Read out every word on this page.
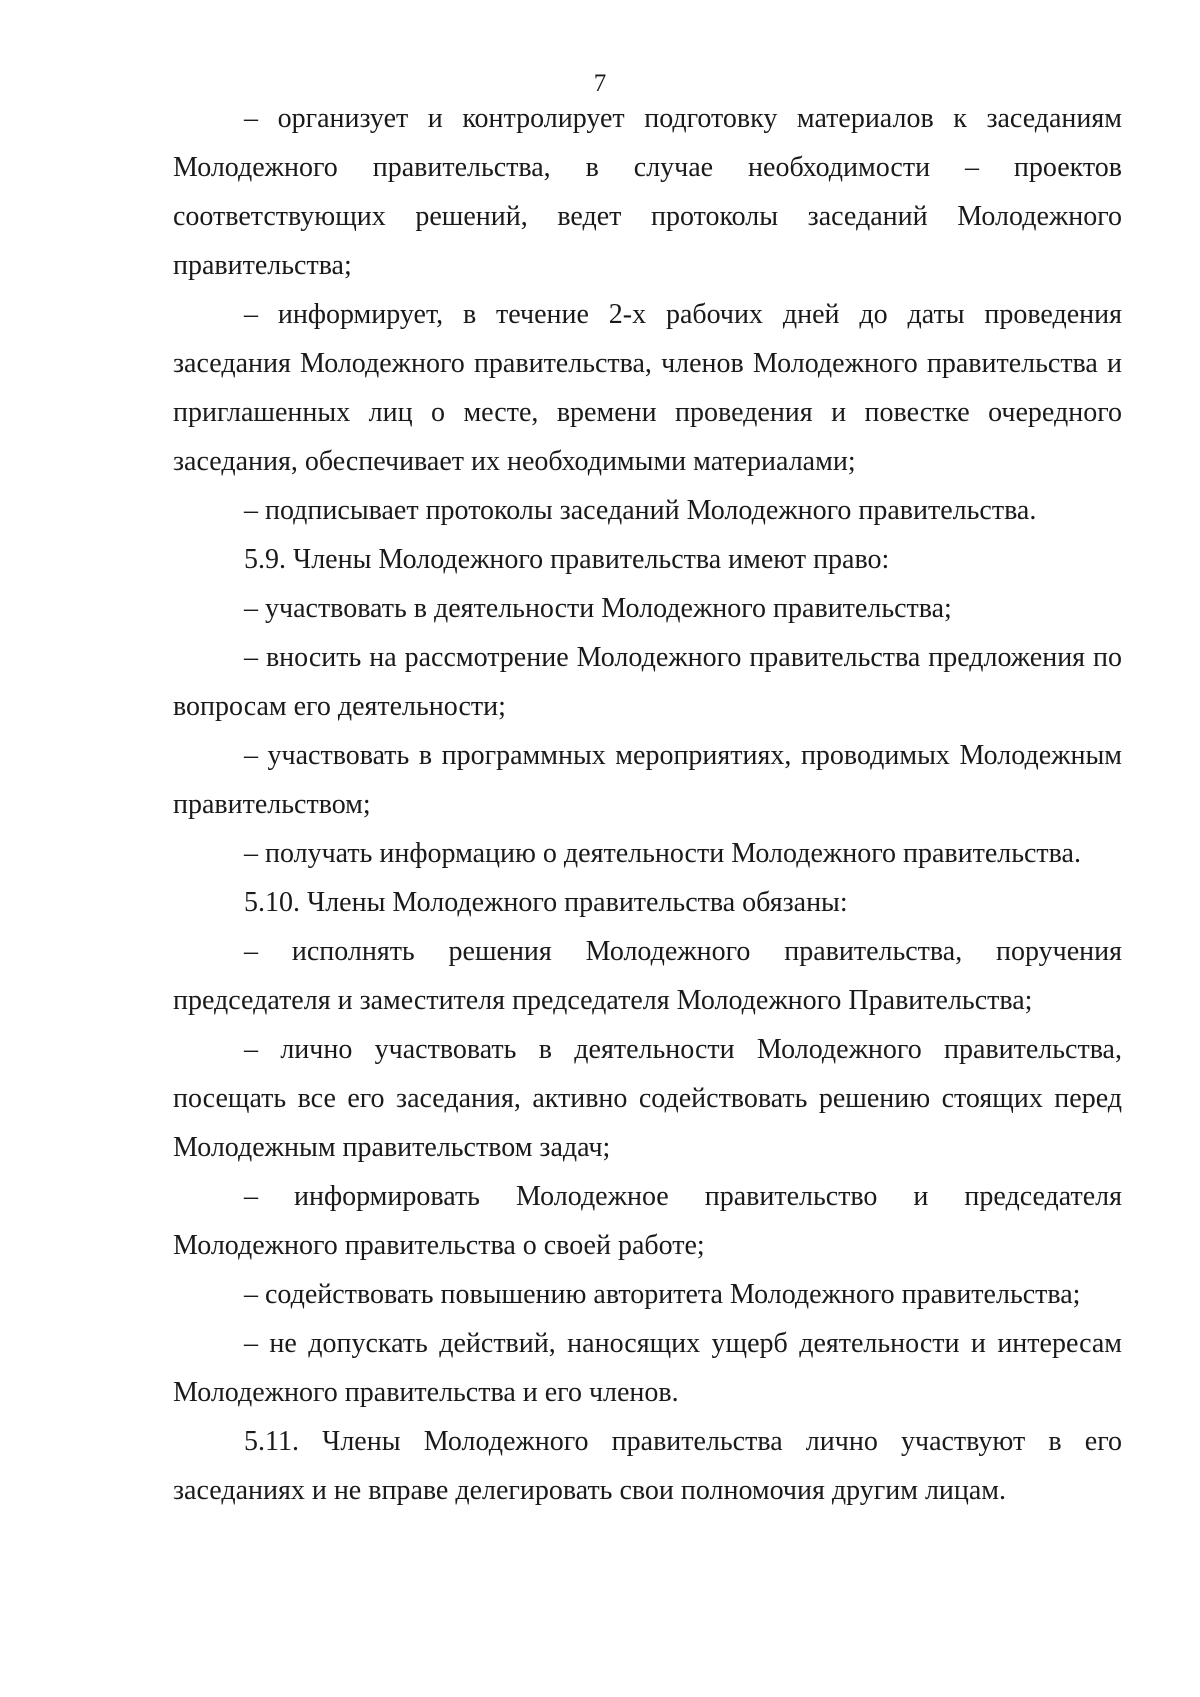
7

– организует и контролирует подготовку материалов к заседаниям Молодежного правительства, в случае необходимости – проектов соответствующих решений, ведет протоколы заседаний Молодежного правительства;

– информирует, в течение 2-х рабочих дней до даты проведения заседания Молодежного правительства, членов Молодежного правительства и приглашенных лиц о месте, времени проведения и повестке очередного заседания, обеспечивает их необходимыми материалами;

– подписывает протоколы заседаний Молодежного правительства.

5.9. Члены Молодежного правительства имеют право:

– участвовать в деятельности Молодежного правительства;

– вносить на рассмотрение Молодежного правительства предложения по вопросам его деятельности;

– участвовать в программных мероприятиях, проводимых Молодежным правительством;

– получать информацию о деятельности Молодежного правительства.

5.10. Члены Молодежного правительства обязаны:

– исполнять решения Молодежного правительства, поручения председателя и заместителя председателя Молодежного Правительства;

– лично участвовать в деятельности Молодежного правительства, посещать все его заседания, активно содействовать решению стоящих перед Молодежным правительством задач;

– информировать Молодежное правительство и председателя Молодежного правительства о своей работе;

– содействовать повышению авторитета Молодежного правительства;

– не допускать действий, наносящих ущерб деятельности и интересам Молодежного правительства и его членов.

5.11. Члены Молодежного правительства лично участвуют в его заседаниях и не вправе делегировать свои полномочия другим лицам.
